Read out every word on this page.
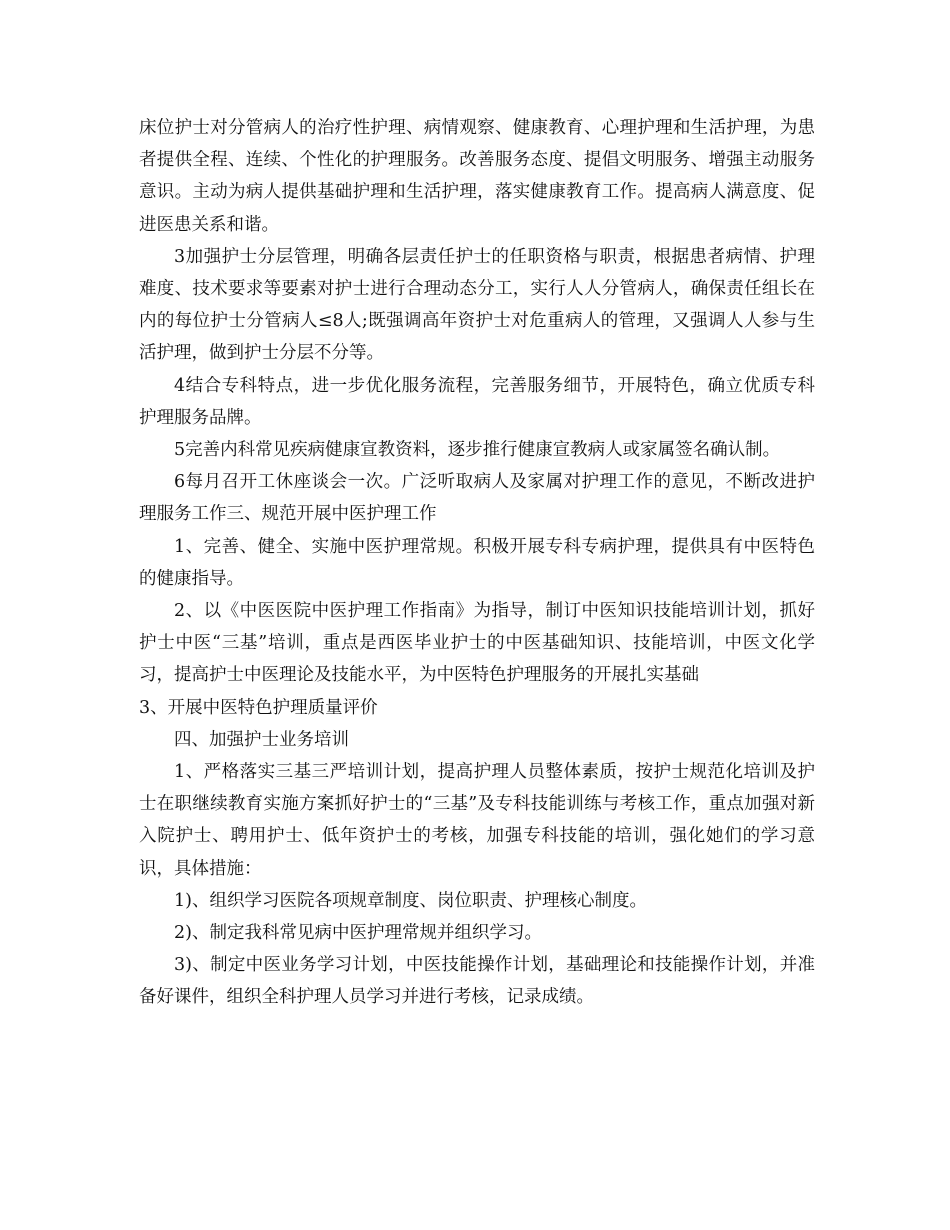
床位护士对分管病人的治疗性护理、病情观察、健康教育、心理护理和生活护理，为患者提供全程、连续、个性化的护理服务。改善服务态度、提倡文明服务、增强主动服务意识。主动为病人提供基础护理和生活护理，落实健康教育工作。提高病人满意度、促进医患关系和谐。

3加强护士分层管理，明确各层责任护士的任职资格与职责，根据患者病情、护理难度、技术要求等要素对护士进行合理动态分工，实行人人分管病人，确保责任组长在内的每位护士分管病人≤8人;既强调高年资护士对危重病人的管理，又强调人人参与生活护理，做到护士分层不分等。

4结合专科特点，进一步优化服务流程，完善服务细节，开展特色，确立优质专科护理服务品牌。

5完善内科常见疾病健康宣教资料，逐步推行健康宣教病人或家属签名确认制。

6每月召开工休座谈会一次。广泛听取病人及家属对护理工作的意见，不断改进护理服务工作三、规范开展中医护理工作

1、完善、健全、实施中医护理常规。积极开展专科专病护理，提供具有中医特色的健康指导。

2、以《中医医院中医护理工作指南》为指导，制订中医知识技能培训计划，抓好护士中医“三基”培训，重点是西医毕业护士的中医基础知识、技能培训，中医文化学习，提高护士中医理论及技能水平，为中医特色护理服务的开展扎实基础

3、开展中医特色护理质量评价

四、加强护士业务培训

1、严格落实三基三严培训计划，提高护理人员整体素质，按护士规范化培训及护士在职继续教育实施方案抓好护士的“三基”及专科技能训练与考核工作，重点加强对新入院护士、聘用护士、低年资护士的考核，加强专科技能的培训，强化她们的学习意识，具体措施：

1)、组织学习医院各项规章制度、岗位职责、护理核心制度。

2)、制定我科常见病中医护理常规并组织学习。

3)、制定中医业务学习计划，中医技能操作计划，基础理论和技能操作计划，并准备好课件，组织全科护理人员学习并进行考核，记录成绩。
